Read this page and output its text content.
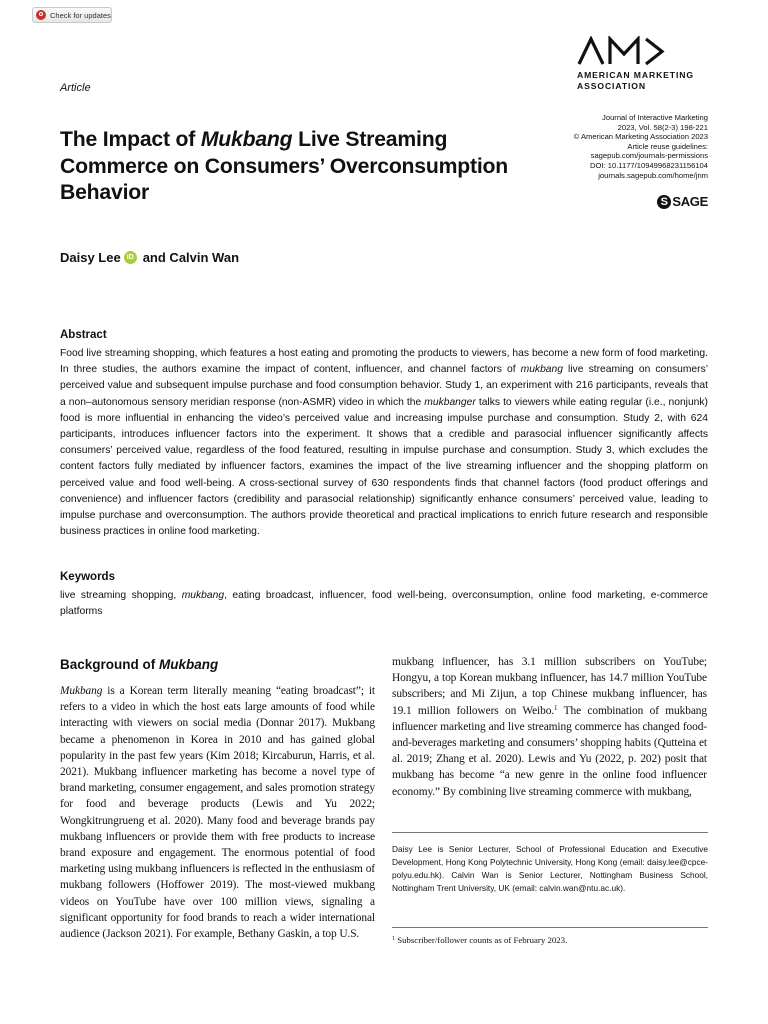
Check for updates
AMERICAN MARKETING
ASSOCIATION
Article
The Impact of Mukbang Live Streaming Commerce on Consumers’ Overconsumption Behavior
Journal of Interactive Marketing
2023, Vol. 58(2-3) 198-221
© American Marketing Association 2023
Article reuse guidelines:
sagepub.com/journals-permissions
DOI: 10.1177/10949968231156104
journals.sagepub.com/home/jnm
S SAGE
Daisy Lee iD and Calvin Wan
Abstract

Food live streaming shopping, which features a host eating and promoting the products to viewers, has become a new form of food marketing. In three studies, the authors examine the impact of content, influencer, and channel factors of mukbang live streaming on consumers’ perceived value and subsequent impulse purchase and food consumption behavior. Study 1, an experiment with 216 participants, reveals that a non–autonomous sensory meridian response (non-ASMR) video in which the mukbanger talks to viewers while eating regular (i.e., nonjunk) food is more influential in enhancing the video’s perceived value and increasing impulse purchase and consumption. Study 2, with 624 participants, introduces influencer factors into the experiment. It shows that a credible and parasocial influencer significantly affects consumers’ perceived value, regardless of the food featured, resulting in impulse purchase and consumption. Study 3, which excludes the content factors fully mediated by influencer factors, examines the impact of the live streaming influencer and the shopping platform on perceived value and food well-being. A cross-sectional survey of 630 respondents finds that channel factors (food product offerings and convenience) and influencer factors (credibility and parasocial relationship) significantly enhance consumers’ perceived value, leading to impulse purchase and overconsumption. The authors provide theoretical and practical implications to enrich future research and responsible business practices in online food marketing.

Keywords

live streaming shopping, mukbang, eating broadcast, influencer, food well-being, overconsumption, online food marketing, e-commerce platforms

Background of Mukbang

Mukbang is a Korean term literally meaning “eating broadcast”; it refers to a video in which the host eats large amounts of food while interacting with viewers on social media (Donnar 2017). Mukbang became a phenomenon in Korea in 2010 and has gained global popularity in the past few years (Kim 2018; Kircaburun, Harris, et al. 2021). Mukbang influencer marketing has become a novel type of brand marketing, consumer engagement, and sales promotion strategy for food and beverage products (Lewis and Yu 2022; Wongkitrungrueng et al. 2020). Many food and beverage brands pay mukbang influencers or provide them with free products to increase brand exposure and engagement. The enormous potential of food marketing using mukbang influencers is reflected in the enthusiasm of mukbang followers (Hoffower 2019). The most-viewed mukbang videos on YouTube have over 100 million views, signaling a significant opportunity for food brands to reach a wider international audience (Jackson 2021). For example, Bethany Gaskin, a top U.S.

mukbang influencer, has 3.1 million subscribers on YouTube; Hongyu, a top Korean mukbang influencer, has 14.7 million YouTube subscribers; and Mi Zijun, a top Chinese mukbang influencer, has 19.1 million followers on Weibo.$^1$ The combination of mukbang influencer marketing and live streaming commerce has changed food-and-beverages marketing and consumers’ shopping habits (Qutteina et al. 2019; Zhang et al. 2020). Lewis and Yu (2022, p. 202) posit that mukbang has become “a new genre in the online food influencer economy.” By combining live streaming commerce with mukbang,

Daisy Lee is Senior Lecturer, School of Professional Education and Executive Development, Hong Kong Polytechnic University, Hong Kong (email: daisy.lee@cpce-polyu.edu.hk). Calvin Wan is Senior Lecturer, Nottingham Business School, Nottingham Trent University, UK (email: calvin.wan@ntu.ac.uk).

$^1$ Subscriber/follower counts as of February 2023.
